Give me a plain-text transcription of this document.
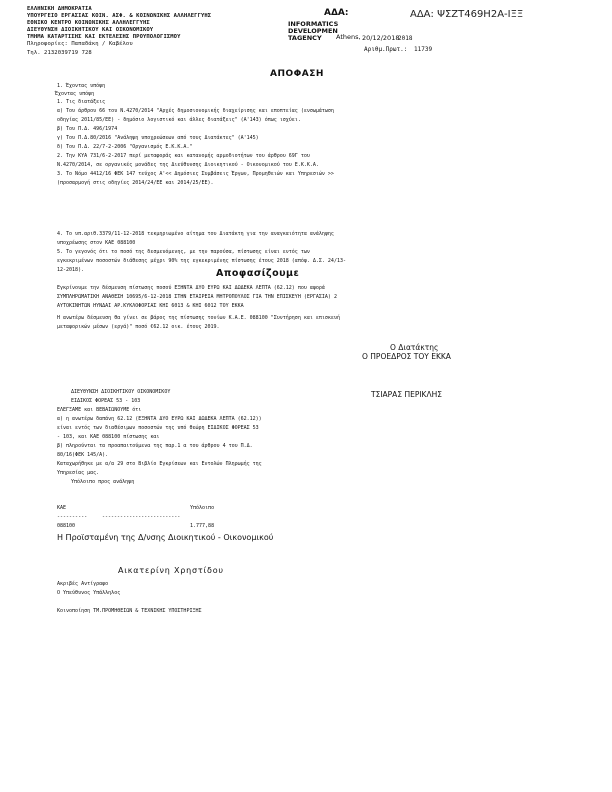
ΕΛΛΗΝΙΚΗ ΔΗΜΟΚΡΑΤΙΑ
ΥΠΟΥΡΓΕΙΟ ΕΡΓΑΣΙΑΣ ΚΟΙΝ. ΑΣΦ. & ΚΟΙΝΩΝΙΚΗΣ ΑΛΛΗΛΕΓΓΥΗΣ
ΕΘΝΙΚΟ ΚΕΝΤΡΟ ΚΟΙΝΩΝΙΚΗΣ ΑΛΛΗΛΕΓΓΥΗΣ
ΔΙΕΥΘΥΝΣΗ ΔΙΟΙΚΗΤΙΚΟΥ ΚΑΙ ΟΙΚΟΝΟΜΙΚΟΥ
ΤΜΗΜΑ ΚΑΤΑΡΤΙΣΗΣ ΚΑΙ ΕΚΤΕΛΕΣΗΣ ΠΡΟΥΠΟΛΟΓΙΣΜΟΥ
Πληροφορίες: Παπαδάκη / Καβέλου
Τηλ. 2132039719 728
ΑΔΑ:	ΑΔΑ: ΨΣΖΤ469Η2Α-ΙΞΞ
INFORMATICS
DEVELOPMEN
TAGENCY	Athens, 20/12/2018
2018
Αριθμ.Πρωτ.: 11739
ΑΠΟΦΑΣΗ
1. Έχοντας υπόψη
Έχοντας υπόψη
1. Τις διατάξεις
α) Του άρθρου 66 του Ν.4270/2014 "Αρχές δημοσιονομικής διαχείρισης και εποπτείας (ενσωμάτωση
οδηγίας 2011/85/ΕΕ) - δημόσιο λογιστικό και άλλες διατάξεις" (Α'143) όπως ισχύει.
β) Του Π.Δ. 496/1974
γ) Του Π.Δ.80/2016 "Ανάληψη υποχρεώσεων από τους Διατάκτες" (Α'145)
δ) Του Π.Δ. 22/7-2-2006 "Οργανισμός Ε.Κ.Κ.Α."
2. Την ΚΥΑ 731/6-2-2017 περί μεταφοράς και κατανομής αρμοδιοτήτων του άρθρου 69Γ του
Ν.4270/2014, σε οργανικές μονάδες της Διεύθυνσης Διοικητικού - Οικονομικού του Ε.Κ.Κ.Α.
3. Το Νόμο 4412/16 ΦΕΚ 147 τεύχος Α'<< Δημόσιες Συμβάσεις Έργων, Προμηθειών και Υπηρεσιών >>
(προσαρμογή στις οδηγίες 2014/24/ΕΕ και 2014/25/ΕΕ).
4. Το υπ.αριθ.3379/11-12-2018 τεκμηριωμένο αίτημα του Διατάκτη για την αναγκαιότητα ανάληψης
υποχρέωσης στον ΚΑΕ 088100
5. Το γεγονός ότι το ποσό της δεσμευόμενης, με την παρούσα, πίστωσης είναι εντός των
εγκεκριμένων ποσοστών διάθεσης μέχρι 90% της εγκεκριμένης πίστωσης έτους 2018 (απόφ. Δ.Σ. 24/13-
12-2018).	Αποφασίζουμε
Εγκρίνουμε την δέσμευση πίστωσης ποσού ΕΞΗΝΤΑ ΔΥΟ ΕΥΡΩ ΚΑΙ ΔΩΔΕΚΑ ΛΕΠΤΑ (62.12) που αφορά
ΣΥΜΠΛΗΡΩΜΑΤΙΚΗ ΑΝΑΘΕΣΗ 10695/6-12-2018 ΣΤΗΝ ΕΤΑΙΡΕΙΑ ΜΗΤΡΟΠΟΥΛΟΣ ΓΙΑ ΤΗΝ ΕΠΙΣΚΕΥΗ (ΕΡΓΑΣΙΑ) 2
ΑΥΤΟΚΙΝΗΤΩΝ ΗΥΝΔΑΙ ΑΡ.ΚΥΚΛΟΦΟΡΙΑΣ ΚΗΙ 6013 & ΚΗΙ 6012 ΤΟΥ ΕΚΚΑ
Η ανωτέρω δέσμευση θα γίνει σε βάρος της πίστωσης τονίων Κ.Α.Ε. 088100 "Συντήρηση και επισκευή
μεταφορικών μέσων (εργά)" ποσό €62.12 οικ. έτους 2019.
Ο Διατάκτης
Ο ΠΡΟΕΔΡΟΣ ΤΟΥ ΕΚΚΑ
ΤΣΙΑΡΑΣ ΠΕΡΙΚΛΗΣ
ΔΙΕΥΘΥΝΣΗ ΔΙΟΙΚΗΤΙΚΟΥ ΟΙΚΟΝΟΜΙΚΟΥ
ΕΙΔΙΚΟΣ ΦΟΡΕΑΣ 53 - 103
ΕΛΕΓΞΑΜΕ και ΒΕΒΑΙΩΝΟΥΜΕ ότι
α) η ανωτέρω δαπάνη 62.12 (ΕΞΗΝΤΑ ΔΥΟ ΕΥΡΩ ΚΑΙ ΔΩΔΕΚΑ ΛΕΠΤΑ (62.12))
είναι εντός των διαθέσιμων ποσοστών της υπό θεώρη ΕΙΔΙΚΟΣ ΦΟΡΕΑΣ 53
- 103, και ΚΑΕ 088100 πίστωσης και
β) πληρούνται τα προαπαιτούμενα της παρ.1 α του άρθρου 4 του Π.Δ.
80/16(ΦΕΚ 145/Α).
Καταχωρήθηκε με α/α 29 στο Βιβλίο Εγκρίσεων και Εντολών Πληρωμής της
Υπηρεσίας μας.
Υπόλοιπο προς ανάληψη
ΚΑΕ	Υπόλοιπο
----------	--------------------------
088100	1.777,88
Η Προϊσταμένη της Δ/νσης Διοικητικού - Οικονομικού
Αικατερίνη Χρηστίδου
Ακριβές Αντίγραφο
Ο Υπεύθυνος Υπάλληλος
Κοινοποίηση ΤΜ.ΠΡΟΜΗΘΕΙΩΝ & ΤΕΧΝΙΚΗΣ ΥΠΟΣΤΗΡΙΞΗΣ
